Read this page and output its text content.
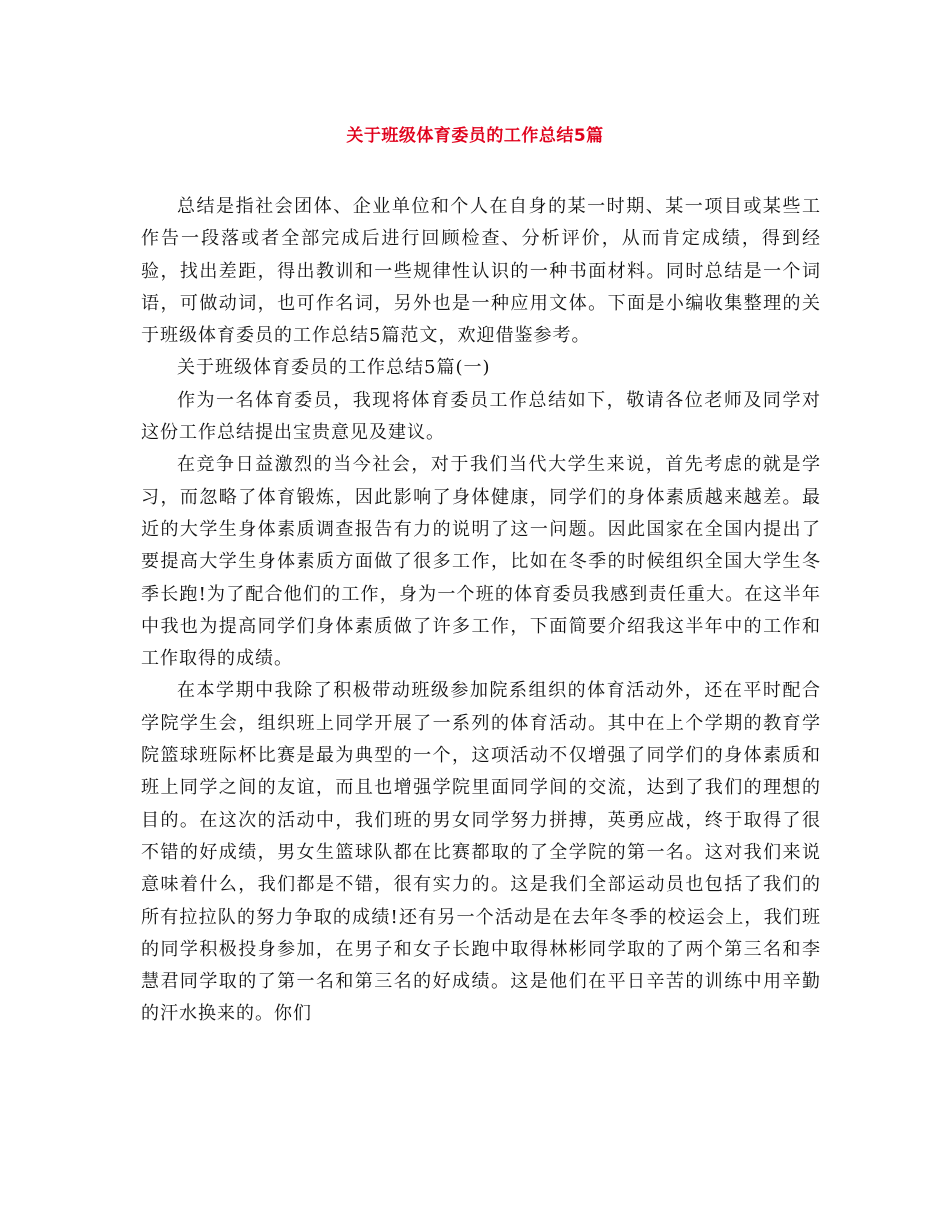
关于班级体育委员的工作总结5篇

总结是指社会团体、企业单位和个人在自身的某一时期、某一项目或某些工作告一段落或者全部完成后进行回顾检查、分析评价，从而肯定成绩，得到经验，找出差距，得出教训和一些规律性认识的一种书面材料。同时总结是一个词语，可做动词，也可作名词，另外也是一种应用文体。下面是小编收集整理的关于班级体育委员的工作总结5篇范文，欢迎借鉴参考。

关于班级体育委员的工作总结5篇(一)

作为一名体育委员，我现将体育委员工作总结如下，敬请各位老师及同学对这份工作总结提出宝贵意见及建议。

在竞争日益激烈的当今社会，对于我们当代大学生来说，首先考虑的就是学习，而忽略了体育锻炼，因此影响了身体健康，同学们的身体素质越来越差。最近的大学生身体素质调查报告有力的说明了这一问题。因此国家在全国内提出了要提高大学生身体素质方面做了很多工作，比如在冬季的时候组织全国大学生冬季长跑!为了配合他们的工作，身为一个班的体育委员我感到责任重大。在这半年中我也为提高同学们身体素质做了许多工作，下面简要介绍我这半年中的工作和工作取得的成绩。

在本学期中我除了积极带动班级参加院系组织的体育活动外，还在平时配合学院学生会，组织班上同学开展了一系列的体育活动。其中在上个学期的教育学院篮球班际杯比赛是最为典型的一个，这项活动不仅增强了同学们的身体素质和班上同学之间的友谊，而且也增强学院里面同学间的交流，达到了我们的理想的目的。在这次的活动中，我们班的男女同学努力拼搏，英勇应战，终于取得了很不错的好成绩，男女生篮球队都在比赛都取的了全学院的第一名。这对我们来说意味着什么，我们都是不错，很有实力的。这是我们全部运动员也包括了我们的所有拉拉队的努力争取的成绩!还有另一个活动是在去年冬季的校运会上，我们班的同学积极投身参加，在男子和女子长跑中取得林彬同学取的了两个第三名和李慧君同学取的了第一名和第三名的好成绩。这是他们在平日辛苦的训练中用辛勤的汗水换来的。你们
